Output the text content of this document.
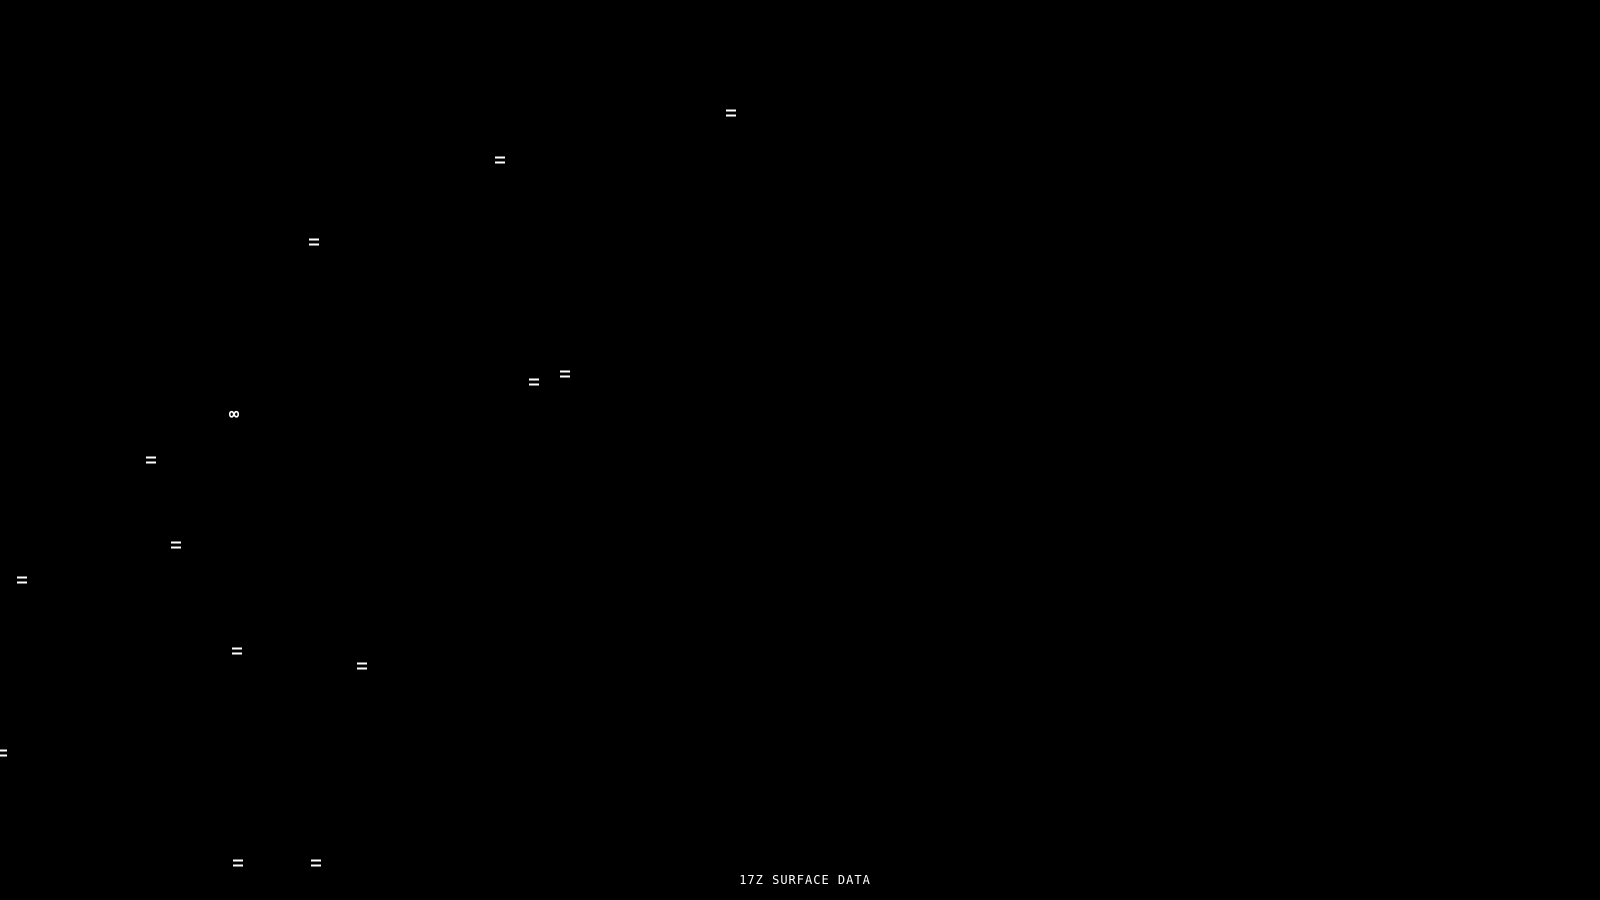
17Z SURFACE DATA
∞
